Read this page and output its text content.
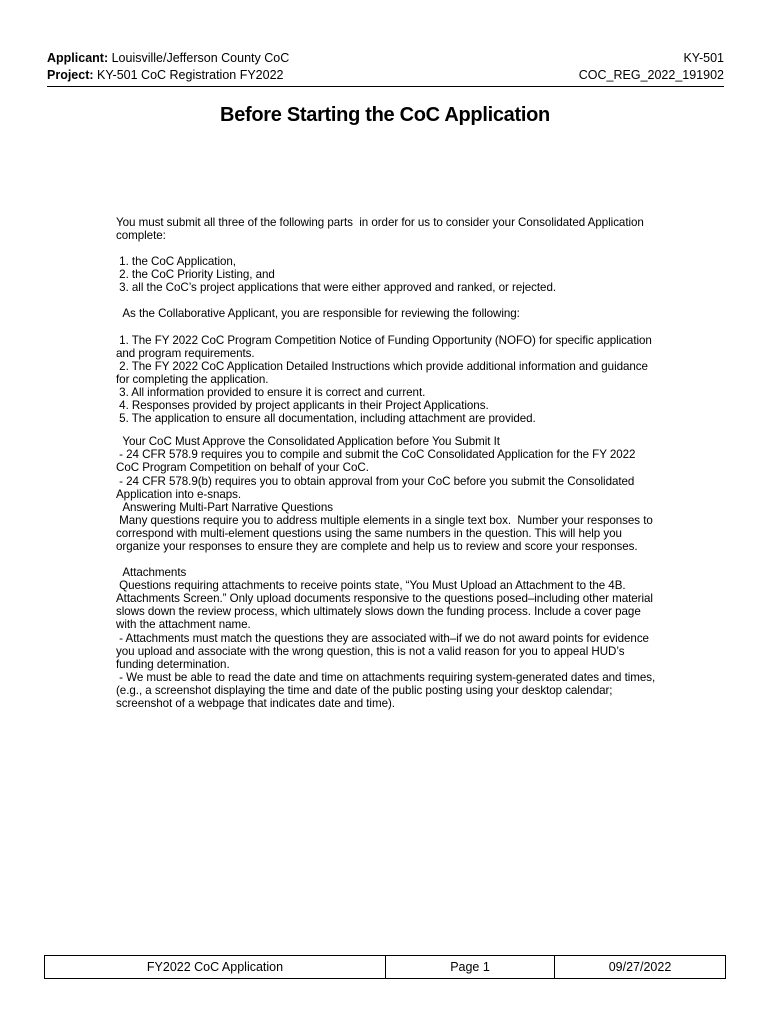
Applicant: Louisville/Jefferson County CoC	KY-501
Project: KY-501 CoC Registration FY2022	COC_REG_2022_191902
Before Starting the CoC Application

You must submit all three of the following parts  in order for us to consider your Consolidated Application complete:

1. the CoC Application,

2. the CoC Priority Listing, and

3. all the CoC’s project applications that were either approved and ranked, or rejected.

As the Collaborative Applicant, you are responsible for reviewing the following:

1. The FY 2022 CoC Program Competition Notice of Funding Opportunity (NOFO) for specific application and program requirements.

2. The FY 2022 CoC Application Detailed Instructions which provide additional information and guidance for completing the application.

3. All information provided to ensure it is correct and current.

4. Responses provided by project applicants in their Project Applications.

5. The application to ensure all documentation, including attachment are provided.

Your CoC Must Approve the Consolidated Application before You Submit It

- 24 CFR 578.9 requires you to compile and submit the CoC Consolidated Application for the FY 2022 CoC Program Competition on behalf of your CoC.

- 24 CFR 578.9(b) requires you to obtain approval from your CoC before you submit the Consolidated Application into e-snaps.

Answering Multi-Part Narrative Questions

Many questions require you to address multiple elements in a single text box.  Number your responses to correspond with multi-element questions using the same numbers in the question. This will help you organize your responses to ensure they are complete and help us to review and score your responses.

Attachments

Questions requiring attachments to receive points state, “You Must Upload an Attachment to the 4B. Attachments Screen.” Only upload documents responsive to the questions posed–including other material slows down the review process, which ultimately slows down the funding process. Include a cover page with the attachment name.

- Attachments must match the questions they are associated with–if we do not award points for evidence you upload and associate with the wrong question, this is not a valid reason for you to appeal HUD’s funding determination.

- We must be able to read the date and time on attachments requiring system-generated dates and times, (e.g., a screenshot displaying the time and date of the public posting using your desktop calendar; screenshot of a webpage that indicates date and time).

FY2022 CoC Application	Page 1	09/27/2022
